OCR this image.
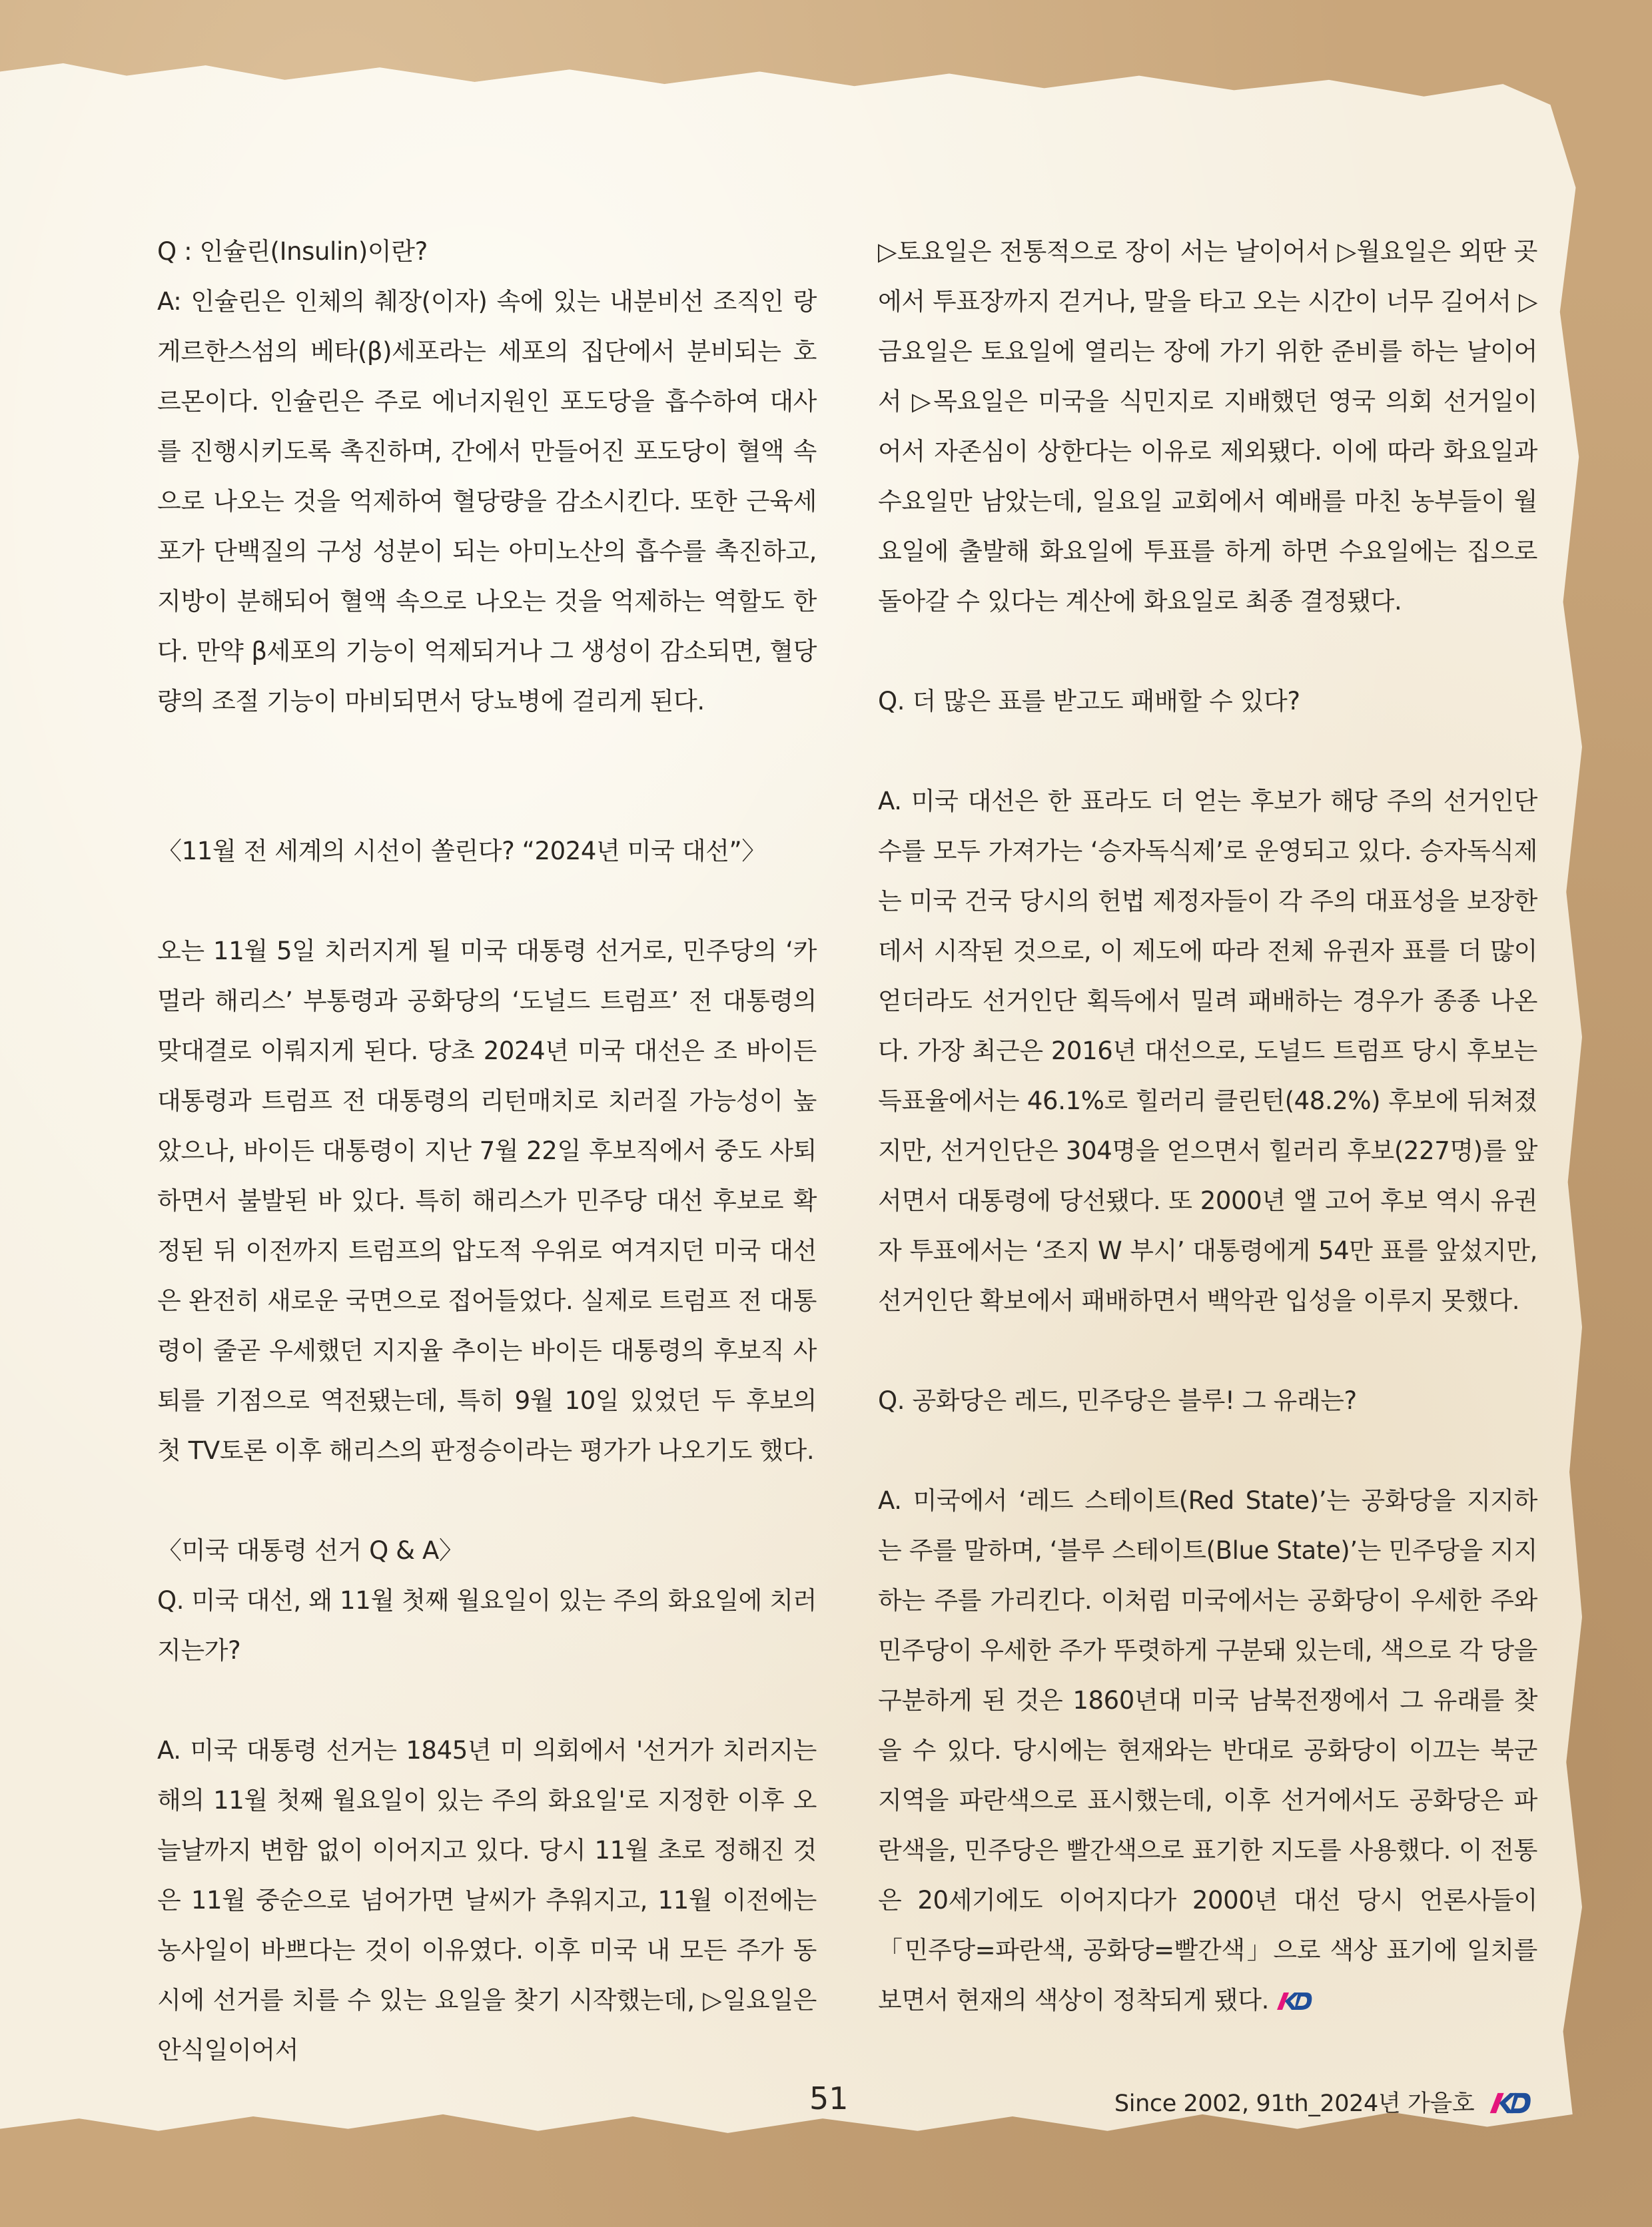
Q : 인슐린(Insulin)이란?

A: 인슐린은 인체의 췌장(이자) 속에 있는 내분비선 조직인 랑게르한스섬의 베타(β)세포라는 세포의 집단에서 분비되는 호르몬이다. 인슐린은 주로 에너지원인 포도당을 흡수하여 대사를 진행시키도록 촉진하며, 간에서 만들어진 포도당이 혈액 속으로 나오는 것을 억제하여 혈당량을 감소시킨다. 또한 근육세포가 단백질의 구성 성분이 되는 아미노산의 흡수를 촉진하고, 지방이 분해되어 혈액 속으로 나오는 것을 억제하는 역할도 한다. 만약 β세포의 기능이 억제되거나 그 생성이 감소되면, 혈당량의 조절 기능이 마비되면서 당뇨병에 걸리게 된다.

〈11월 전 세계의 시선이 쏠린다? “2024년 미국 대선”〉

오는 11월 5일 치러지게 될 미국 대통령 선거로, 민주당의 ‘카멀라 해리스’ 부통령과 공화당의 ‘도널드 트럼프’ 전 대통령의 맞대결로 이뤄지게 된다. 당초 2024년 미국 대선은 조 바이든 대통령과 트럼프 전 대통령의 리턴매치로 치러질 가능성이 높았으나, 바이든 대통령이 지난 7월 22일 후보직에서 중도 사퇴하면서 불발된 바 있다. 특히 해리스가 민주당 대선 후보로 확정된 뒤 이전까지 트럼프의 압도적 우위로 여겨지던 미국 대선은 완전히 새로운 국면으로 접어들었다. 실제로 트럼프 전 대통령이 줄곧 우세했던 지지율 추이는 바이든 대통령의 후보직 사퇴를 기점으로 역전됐는데, 특히 9월 10일 있었던 두 후보의 첫 TV토론 이후 해리스의 판정승이라는 평가가 나오기도 했다.

〈미국 대통령 선거 Q & A〉

Q. 미국 대선, 왜 11월 첫째 월요일이 있는 주의 화요일에 치러지는가?

A. 미국 대통령 선거는 1845년 미 의회에서 '선거가 치러지는 해의 11월 첫째 월요일이 있는 주의 화요일'로 지정한 이후 오늘날까지 변함 없이 이어지고 있다. 당시 11월 초로 정해진 것은 11월 중순으로 넘어가면 날씨가 추워지고, 11월 이전에는 농사일이 바쁘다는 것이 이유였다. 이후 미국 내 모든 주가 동시에 선거를 치를 수 있는 요일을 찾기 시작했는데, ▷일요일은 안식일이어서

▷토요일은 전통적으로 장이 서는 날이어서 ▷월요일은 외딴 곳에서 투표장까지 걷거나, 말을 타고 오는 시간이 너무 길어서 ▷금요일은 토요일에 열리는 장에 가기 위한 준비를 하는 날이어서 ▷목요일은 미국을 식민지로 지배했던 영국 의회 선거일이어서 자존심이 상한다는 이유로 제외됐다. 이에 따라 화요일과 수요일만 남았는데, 일요일 교회에서 예배를 마친 농부들이 월요일에 출발해 화요일에 투표를 하게 하면 수요일에는 집으로 돌아갈 수 있다는 계산에 화요일로 최종 결정됐다.

Q. 더 많은 표를 받고도 패배할 수 있다?

A. 미국 대선은 한 표라도 더 얻는 후보가 해당 주의 선거인단 수를 모두 가져가는 ‘승자독식제’로 운영되고 있다. 승자독식제는 미국 건국 당시의 헌법 제정자들이 각 주의 대표성을 보장한 데서 시작된 것으로, 이 제도에 따라 전체 유권자 표를 더 많이 얻더라도 선거인단 획득에서 밀려 패배하는 경우가 종종 나온다. 가장 최근은 2016년 대선으로, 도널드 트럼프 당시 후보는 득표율에서는 46.1%로 힐러리 클린턴(48.2%) 후보에 뒤쳐졌지만, 선거인단은 304명을 얻으면서 힐러리 후보(227명)를 앞서면서 대통령에 당선됐다. 또 2000년 앨 고어 후보 역시 유권자 투표에서는 ‘조지 W 부시’ 대통령에게 54만 표를 앞섰지만, 선거인단 확보에서 패배하면서 백악관 입성을 이루지 못했다.

Q. 공화당은 레드, 민주당은 블루! 그 유래는?

A. 미국에서 ‘레드 스테이트(Red State)’는 공화당을 지지하는 주를 말하며, ‘블루 스테이트(Blue State)’는 민주당을 지지하는 주를 가리킨다. 이처럼 미국에서는 공화당이 우세한 주와 민주당이 우세한 주가 뚜렷하게 구분돼 있는데, 색으로 각 당을 구분하게 된 것은 1860년대 미국 남북전쟁에서 그 유래를 찾을 수 있다. 당시에는 현재와는 반대로 공화당이 이끄는 북군 지역을 파란색으로 표시했는데, 이후 선거에서도 공화당은 파란색을, 민주당은 빨간색으로 표기한 지도를 사용했다. 이 전통은 20세기에도 이어지다가 2000년 대선 당시 언론사들이 「민주당=파란색, 공화당=빨간색」으로 색상 표기에 일치를 보면서 현재의 색상이 정착되게 됐다.

51	Since 2002, 91th_2024년 가을호
